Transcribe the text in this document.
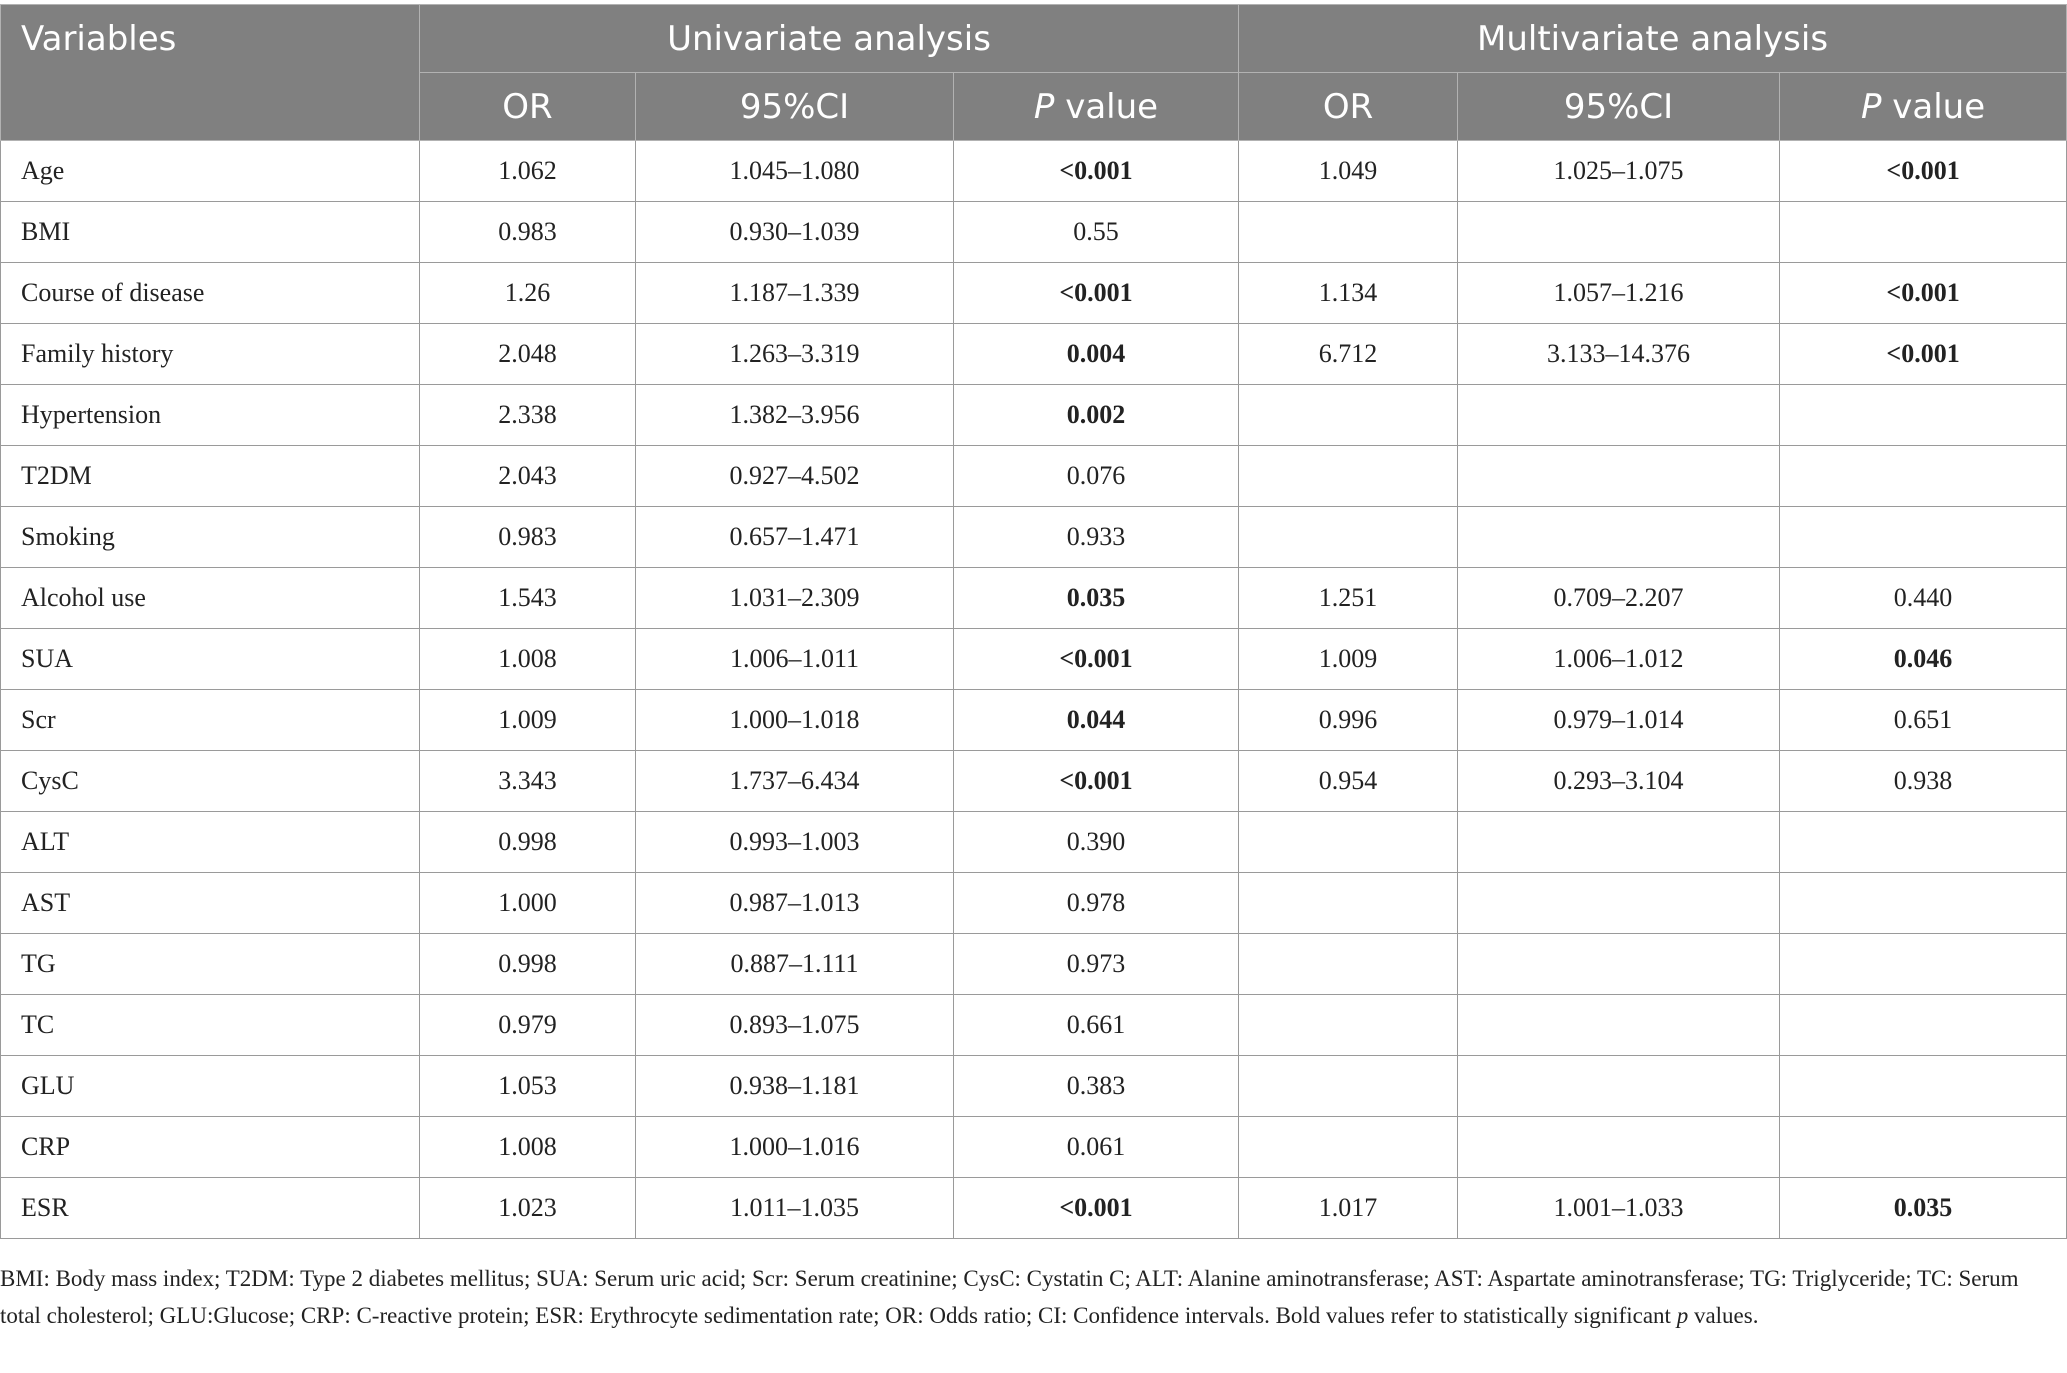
Variables	Univariate analysis			Multivariate analysis		
	OR	95%CI	P value	OR	95%CI	P value
Age	1.062	1.045–1.080	<0.001	1.049	1.025–1.075	<0.001
BMI	0.983	0.930–1.039	0.55			
Course of disease	1.26	1.187–1.339	<0.001	1.134	1.057–1.216	<0.001
Family history	2.048	1.263–3.319	0.004	6.712	3.133–14.376	<0.001
Hypertension	2.338	1.382–3.956	0.002			
T2DM	2.043	0.927–4.502	0.076			
Smoking	0.983	0.657–1.471	0.933			
Alcohol use	1.543	1.031–2.309	0.035	1.251	0.709–2.207	0.440
SUA	1.008	1.006–1.011	<0.001	1.009	1.006–1.012	0.046
Scr	1.009	1.000–1.018	0.044	0.996	0.979–1.014	0.651
CysC	3.343	1.737–6.434	<0.001	0.954	0.293–3.104	0.938
ALT	0.998	0.993–1.003	0.390			
AST	1.000	0.987–1.013	0.978			
TG	0.998	0.887–1.111	0.973			
TC	0.979	0.893–1.075	0.661			
GLU	1.053	0.938–1.181	0.383			
CRP	1.008	1.000–1.016	0.061			
ESR	1.023	1.011–1.035	<0.001	1.017	1.001–1.033	0.035

BMI: Body mass index; T2DM: Type 2 diabetes mellitus; SUA: Serum uric acid; Scr: Serum creatinine; CysC: Cystatin C; ALT: Alanine aminotransferase; AST: Aspartate aminotransferase; TG: Triglyceride; TC: Serum total cholesterol; GLU:Glucose; CRP: C-reactive protein; ESR: Erythrocyte sedimentation rate; OR: Odds ratio; CI: Confidence intervals. Bold values refer to statistically significant p values.
